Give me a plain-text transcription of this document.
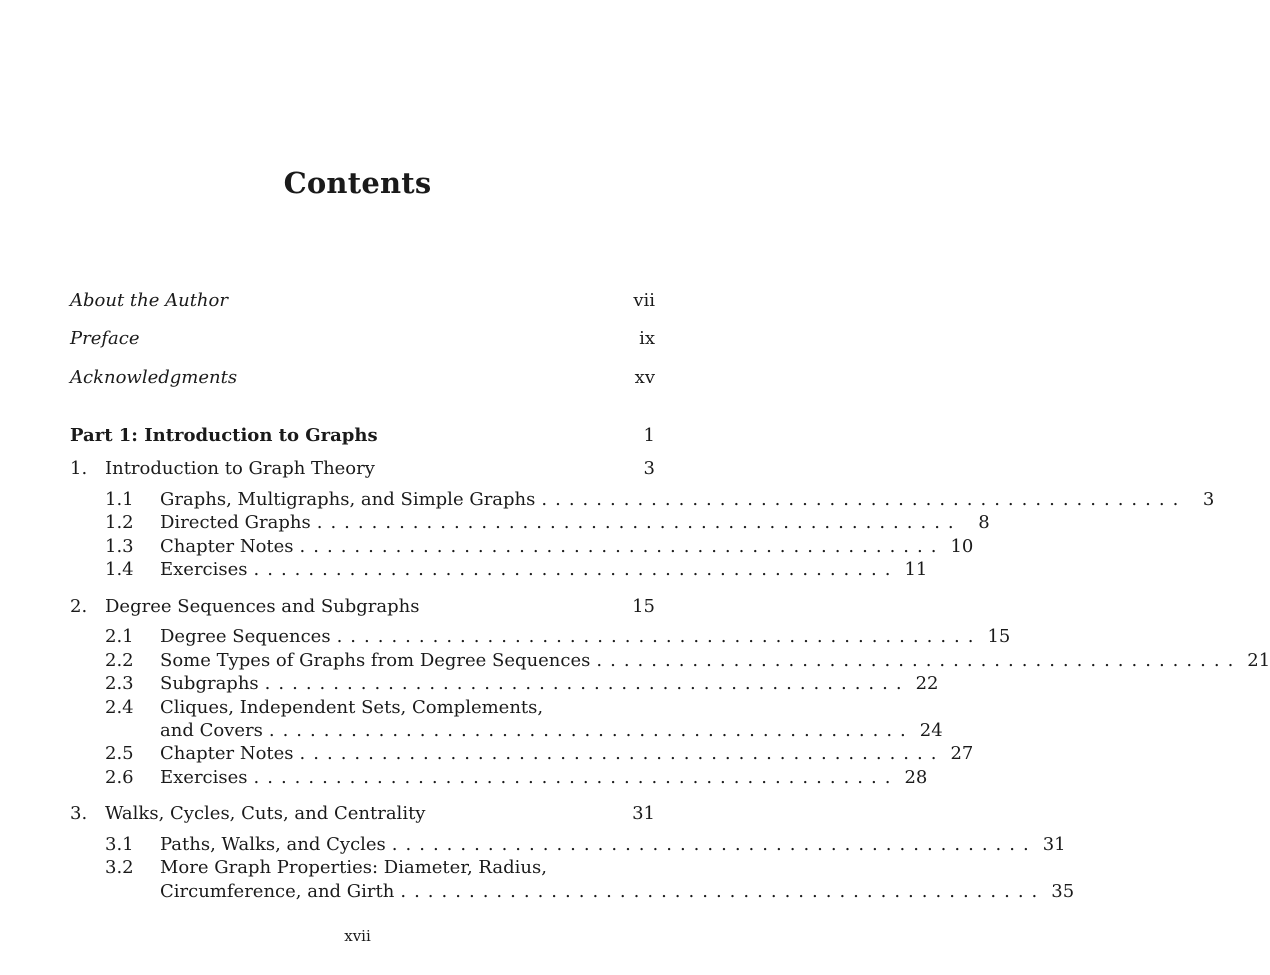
Contents
About the Author	vii
Preface	ix
Acknowledgments	xv
Part 1: Introduction to Graphs	1
1. Introduction to Graph Theory	3
1.1	Graphs, Multigraphs, and Simple Graphs ............................................... 3
1.2	Directed Graphs ............................................... 8
1.3	Chapter Notes ............................................... 10
1.4	Exercises ............................................... 11
2. Degree Sequences and Subgraphs	15
2.1	Degree Sequences ............................................... 15
2.2	Some Types of Graphs from Degree Sequences ............................................... 21
2.3	Subgraphs ............................................... 22
2.4	Cliques, Independent Sets, Complements,
and Covers ............................................... 24
2.5	Chapter Notes ............................................... 27
2.6	Exercises ............................................... 28
3. Walks, Cycles, Cuts, and Centrality	31
3.1	Paths, Walks, and Cycles ............................................... 31
3.2	More Graph Properties: Diameter, Radius,
Circumference, and Girth ............................................... 35
xvii
